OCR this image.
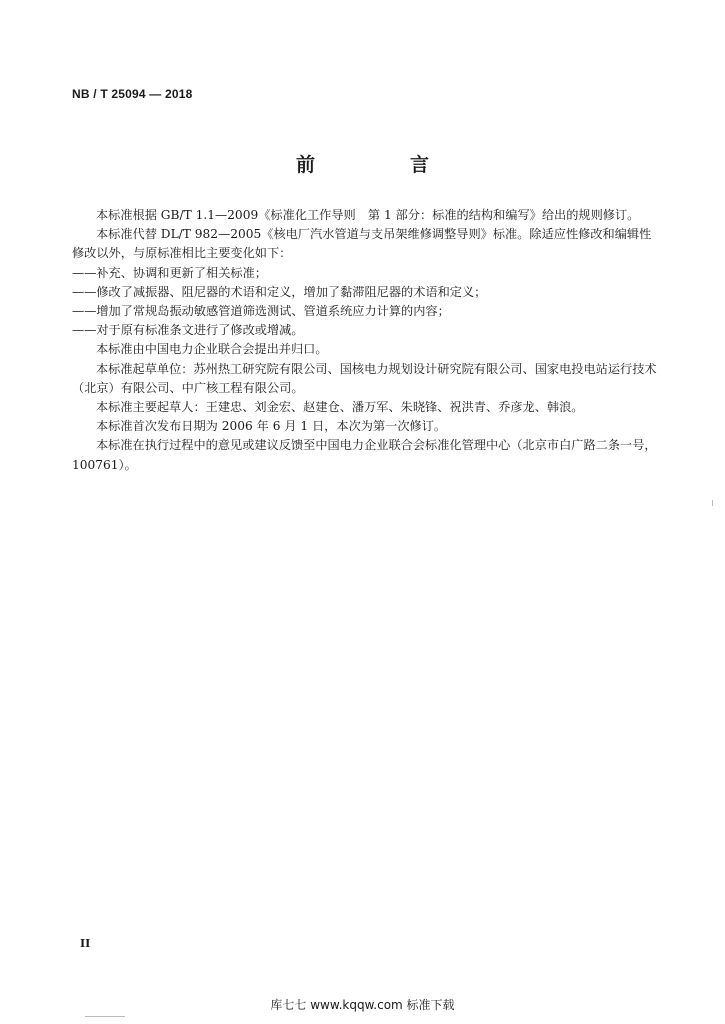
NB / T 25094 — 2018
前　言

本标准根据 GB/T 1.1—2009《标准化工作导则　第 1 部分：标准的结构和编写》给出的规则修订。

本标准代替 DL/T 982—2005《核电厂汽水管道与支吊架维修调整导则》标准。除适应性修改和编辑性修改以外，与原标准相比主要变化如下：

——补充、协调和更新了相关标准；

——修改了减振器、阻尼器的术语和定义，增加了黏滞阻尼器的术语和定义；

——增加了常规岛振动敏感管道筛选测试、管道系统应力计算的内容；

——对于原有标准条文进行了修改或增减。

本标准由中国电力企业联合会提出并归口。

本标准起草单位：苏州热工研究院有限公司、国核电力规划设计研究院有限公司、国家电投电站运行技术（北京）有限公司、中广核工程有限公司。

本标准主要起草人：王建忠、刘金宏、赵建仓、潘万军、朱晓锋、祝洪青、乔彦龙、韩浪。

本标准首次发布日期为 2006 年 6 月 1 日，本次为第一次修订。

本标准在执行过程中的意见或建议反馈至中国电力企业联合会标准化管理中心（北京市白广路二条一号，100761）。

II
库七七 www.kqqw.com 标准下载
